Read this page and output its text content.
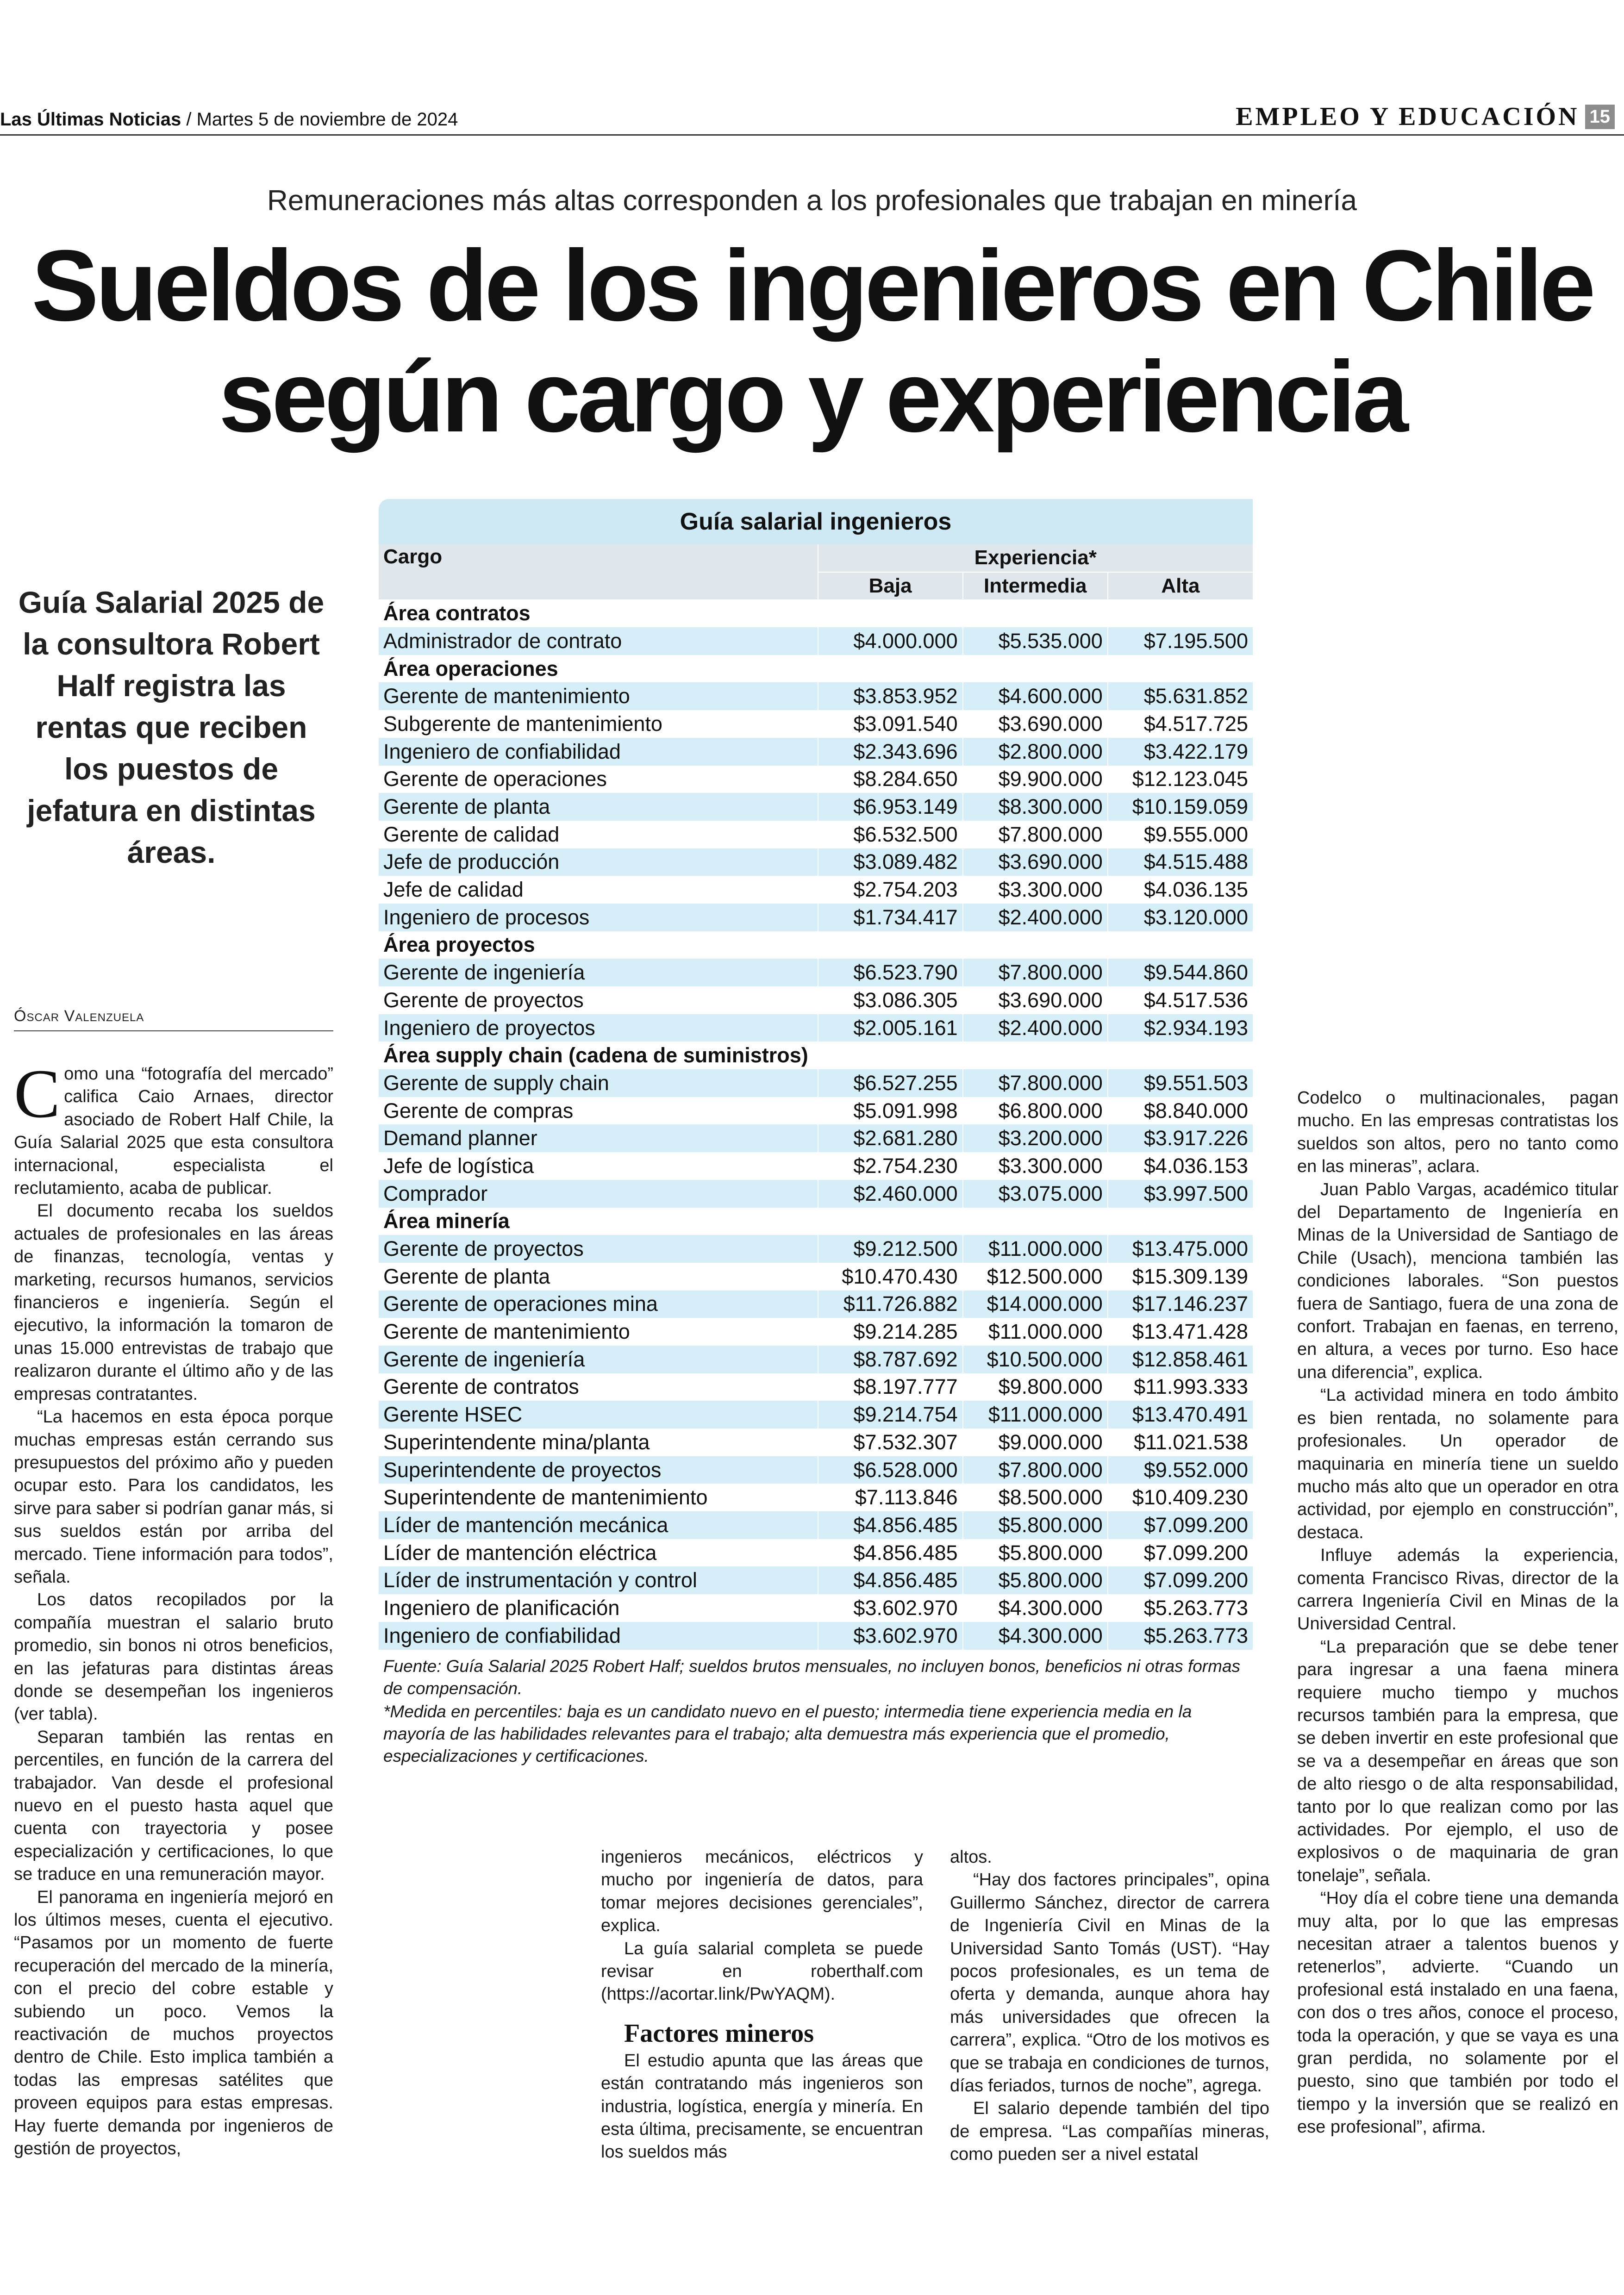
Las Últimas Noticias / Martes 5 de noviembre de 2024	EMPLEO Y EDUCACIÓN 15
Remuneraciones más altas corresponden a los profesionales que trabajan en minería
Sueldos de los ingenieros en Chile
según cargo y experiencia
Guía Salarial 2025 de la consultora Robert Half registra las rentas que reciben los puestos de jefatura en distintas áreas.
Óscar Valenzuela

Como una “fotografía del mercado” califica Caio Arnaes, director asociado de Robert Half Chile, la Guía Salarial 2025 que esta consultora internacional, especialista el reclutamiento, acaba de publicar.

El documento recaba los sueldos actuales de profesionales en las áreas de finanzas, tecnología, ventas y marketing, recursos humanos, servicios financieros e ingeniería. Según el ejecutivo, la información la tomaron de unas 15.000 entrevistas de trabajo que realizaron durante el último año y de las empresas contratantes.

“La hacemos en esta época porque muchas empresas están cerrando sus presupuestos del próximo año y pueden ocupar esto. Para los candidatos, les sirve para saber si podrían ganar más, si sus sueldos están por arriba del mercado. Tiene información para todos”, señala.

Los datos recopilados por la compañía muestran el salario bruto promedio, sin bonos ni otros beneficios, en las jefaturas para distintas áreas donde se desempeñan los ingenieros (ver tabla).

Separan también las rentas en percentiles, en función de la carrera del trabajador. Van desde el profesional nuevo en el puesto hasta aquel que cuenta con trayectoria y posee especialización y certificaciones, lo que se traduce en una remuneración mayor.

El panorama en ingeniería mejoró en los últimos meses, cuenta el ejecutivo. “Pasamos por un momento de fuerte recuperación del mercado de la minería, con el precio del cobre estable y subiendo un poco. Vemos la reactivación de muchos proyectos dentro de Chile. Esto implica también a todas las empresas satélites que proveen equipos para estas empresas. Hay fuerte demanda por ingenieros de gestión de proyectos,

ingenieros mecánicos, eléctricos y mucho por ingeniería de datos, para tomar mejores decisiones gerenciales”, explica.

La guía salarial completa se puede revisar en roberthalf.com (https://acortar.link/PwYAQM).

Factores mineros

El estudio apunta que las áreas que están contratando más ingenieros son industria, logística, energía y minería. En esta última, precisamente, se encuentran los sueldos más

altos.

“Hay dos factores principales”, opina Guillermo Sánchez, director de carrera de Ingeniería Civil en Minas de la Universidad Santo Tomás (UST). “Hay pocos profesionales, es un tema de oferta y demanda, aunque ahora hay más universidades que ofrecen la carrera”, explica. “Otro de los motivos es que se trabaja en condiciones de turnos, días feriados, turnos de noche”, agrega.

El salario depende también del tipo de empresa. “Las compañías mineras, como pueden ser a nivel estatal

Codelco o multinacionales, pagan mucho. En las empresas contratistas los sueldos son altos, pero no tanto como en las mineras”, aclara.

Juan Pablo Vargas, académico titular del Departamento de Ingeniería en Minas de la Universidad de Santiago de Chile (Usach), menciona también las condiciones laborales. “Son puestos fuera de Santiago, fuera de una zona de confort. Trabajan en faenas, en terreno, en altura, a veces por turno. Eso hace una diferencia”, explica.

“La actividad minera en todo ámbito es bien rentada, no solamente para profesionales. Un operador de maquinaria en minería tiene un sueldo mucho más alto que un operador en otra actividad, por ejemplo en construcción”, destaca.

Influye además la experiencia, comenta Francisco Rivas, director de la carrera Ingeniería Civil en Minas de la Universidad Central.

“La preparación que se debe tener para ingresar a una faena minera requiere mucho tiempo y muchos recursos también para la empresa, que se deben invertir en este profesional que se va a desempeñar en áreas que son de alto riesgo o de alta responsabilidad, tanto por lo que realizan como por las actividades. Por ejemplo, el uso de explosivos o de maquinaria de gran tonelaje”, señala.

“Hoy día el cobre tiene una demanda muy alta, por lo que las empresas necesitan atraer a talentos buenos y retenerlos”, advierte. “Cuando un profesional está instalado en una faena, con dos o tres años, conoce el proceso, toda la operación, y que se vaya es una gran perdida, no solamente por el puesto, sino que también por todo el tiempo y la inversión que se realizó en ese profesional”, afirma.

Guía salarial ingenieros
Cargo	Experiencia*		
	Baja	Intermedia	Alta
Área contratos			
Administrador de contrato	$4.000.000	$5.535.000	$7.195.500
Área operaciones			
Gerente de mantenimiento	$3.853.952	$4.600.000	$5.631.852
Subgerente de mantenimiento	$3.091.540	$3.690.000	$4.517.725
Ingeniero de confiabilidad	$2.343.696	$2.800.000	$3.422.179
Gerente de operaciones	$8.284.650	$9.900.000	$12.123.045
Gerente de planta	$6.953.149	$8.300.000	$10.159.059
Gerente de calidad	$6.532.500	$7.800.000	$9.555.000
Jefe de producción	$3.089.482	$3.690.000	$4.515.488
Jefe de calidad	$2.754.203	$3.300.000	$4.036.135
Ingeniero de procesos	$1.734.417	$2.400.000	$3.120.000
Área proyectos			
Gerente de ingeniería	$6.523.790	$7.800.000	$9.544.860
Gerente de proyectos	$3.086.305	$3.690.000	$4.517.536
Ingeniero de proyectos	$2.005.161	$2.400.000	$2.934.193
Área supply chain (cadena de suministros)			
Gerente de supply chain	$6.527.255	$7.800.000	$9.551.503
Gerente de compras	$5.091.998	$6.800.000	$8.840.000
Demand planner	$2.681.280	$3.200.000	$3.917.226
Jefe de logística	$2.754.230	$3.300.000	$4.036.153
Comprador	$2.460.000	$3.075.000	$3.997.500
Área minería			
Gerente de proyectos	$9.212.500	$11.000.000	$13.475.000
Gerente de planta	$10.470.430	$12.500.000	$15.309.139
Gerente de operaciones mina	$11.726.882	$14.000.000	$17.146.237
Gerente de mantenimiento	$9.214.285	$11.000.000	$13.471.428
Gerente de ingeniería	$8.787.692	$10.500.000	$12.858.461
Gerente de contratos	$8.197.777	$9.800.000	$11.993.333
Gerente HSEC	$9.214.754	$11.000.000	$13.470.491
Superintendente mina/planta	$7.532.307	$9.000.000	$11.021.538
Superintendente de proyectos	$6.528.000	$7.800.000	$9.552.000
Superintendente de mantenimiento	$7.113.846	$8.500.000	$10.409.230
Líder de mantención mecánica	$4.856.485	$5.800.000	$7.099.200
Líder de mantención eléctrica	$4.856.485	$5.800.000	$7.099.200
Líder de instrumentación y control	$4.856.485	$5.800.000	$7.099.200
Ingeniero de planificación	$3.602.970	$4.300.000	$5.263.773
Ingeniero de confiabilidad	$3.602.970	$4.300.000	$5.263.773

Fuente: Guía Salarial 2025 Robert Half; sueldos brutos mensuales, no incluyen bonos, beneficios ni otras formas de compensación.

*Medida en percentiles: baja es un candidato nuevo en el puesto; intermedia tiene experiencia media en la mayoría de las habilidades relevantes para el trabajo; alta demuestra más experiencia que el promedio, especializaciones y certificaciones.
